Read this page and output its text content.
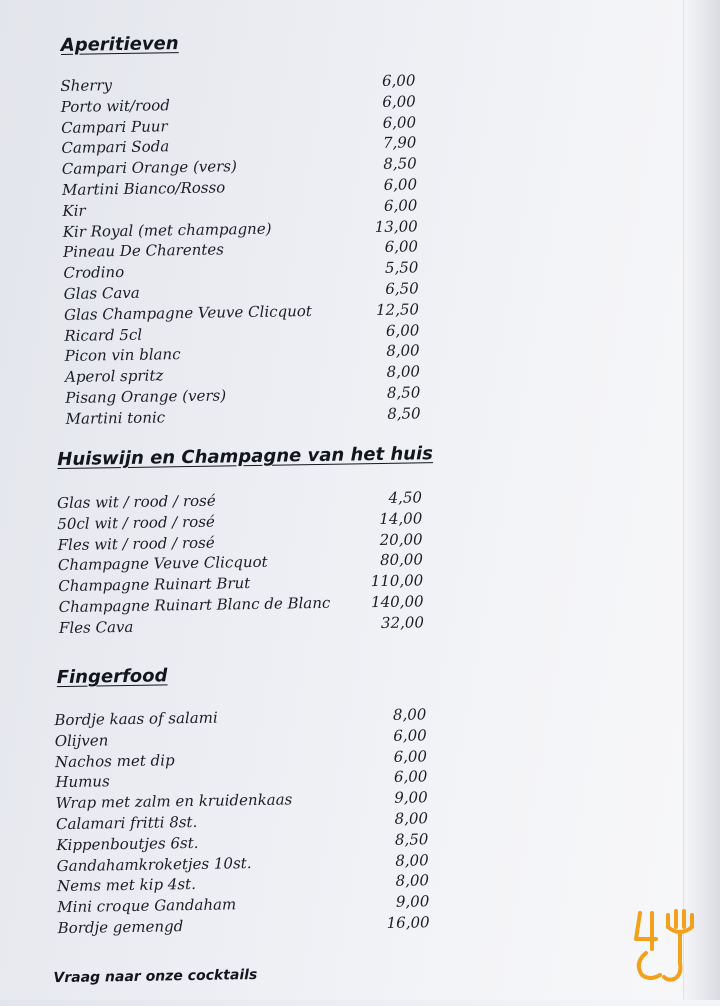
Aperitieven
Sherry	6,00
Porto wit/rood	6,00
Campari Puur	6,00
Campari Soda	7,90
Campari Orange (vers)	8,50
Martini Bianco/Rosso	6,00
Kir	6,00
Kir Royal (met champagne)	13,00
Pineau De Charentes	6,00
Crodino	5,50
Glas Cava	6,50
Glas Champagne Veuve Clicquot	12,50
Ricard 5cl	6,00
Picon vin blanc	8,00
Aperol spritz	8,00
Pisang Orange (vers)	8,50
Martini tonic	8,50
Huiswijn en Champagne van het huis
Glas wit / rood / rosé	4,50
50cl wit / rood / rosé	14,00
Fles wit / rood / rosé	20,00
Champagne Veuve Clicquot	80,00
Champagne Ruinart Brut	110,00
Champagne Ruinart Blanc de Blanc	140,00
Fles Cava	32,00
Fingerfood
Bordje kaas of salami	8,00
Olijven	6,00
Nachos met dip	6,00
Humus	6,00
Wrap met zalm en kruidenkaas	9,00
Calamari fritti 8st.	8,00
Kippenboutjes 6st.	8,50
Gandahamkroketjes 10st.	8,00
Nems met kip 4st.	8,00
Mini croque Gandaham	9,00
Bordje gemengd	16,00

Vraag naar onze cocktails
